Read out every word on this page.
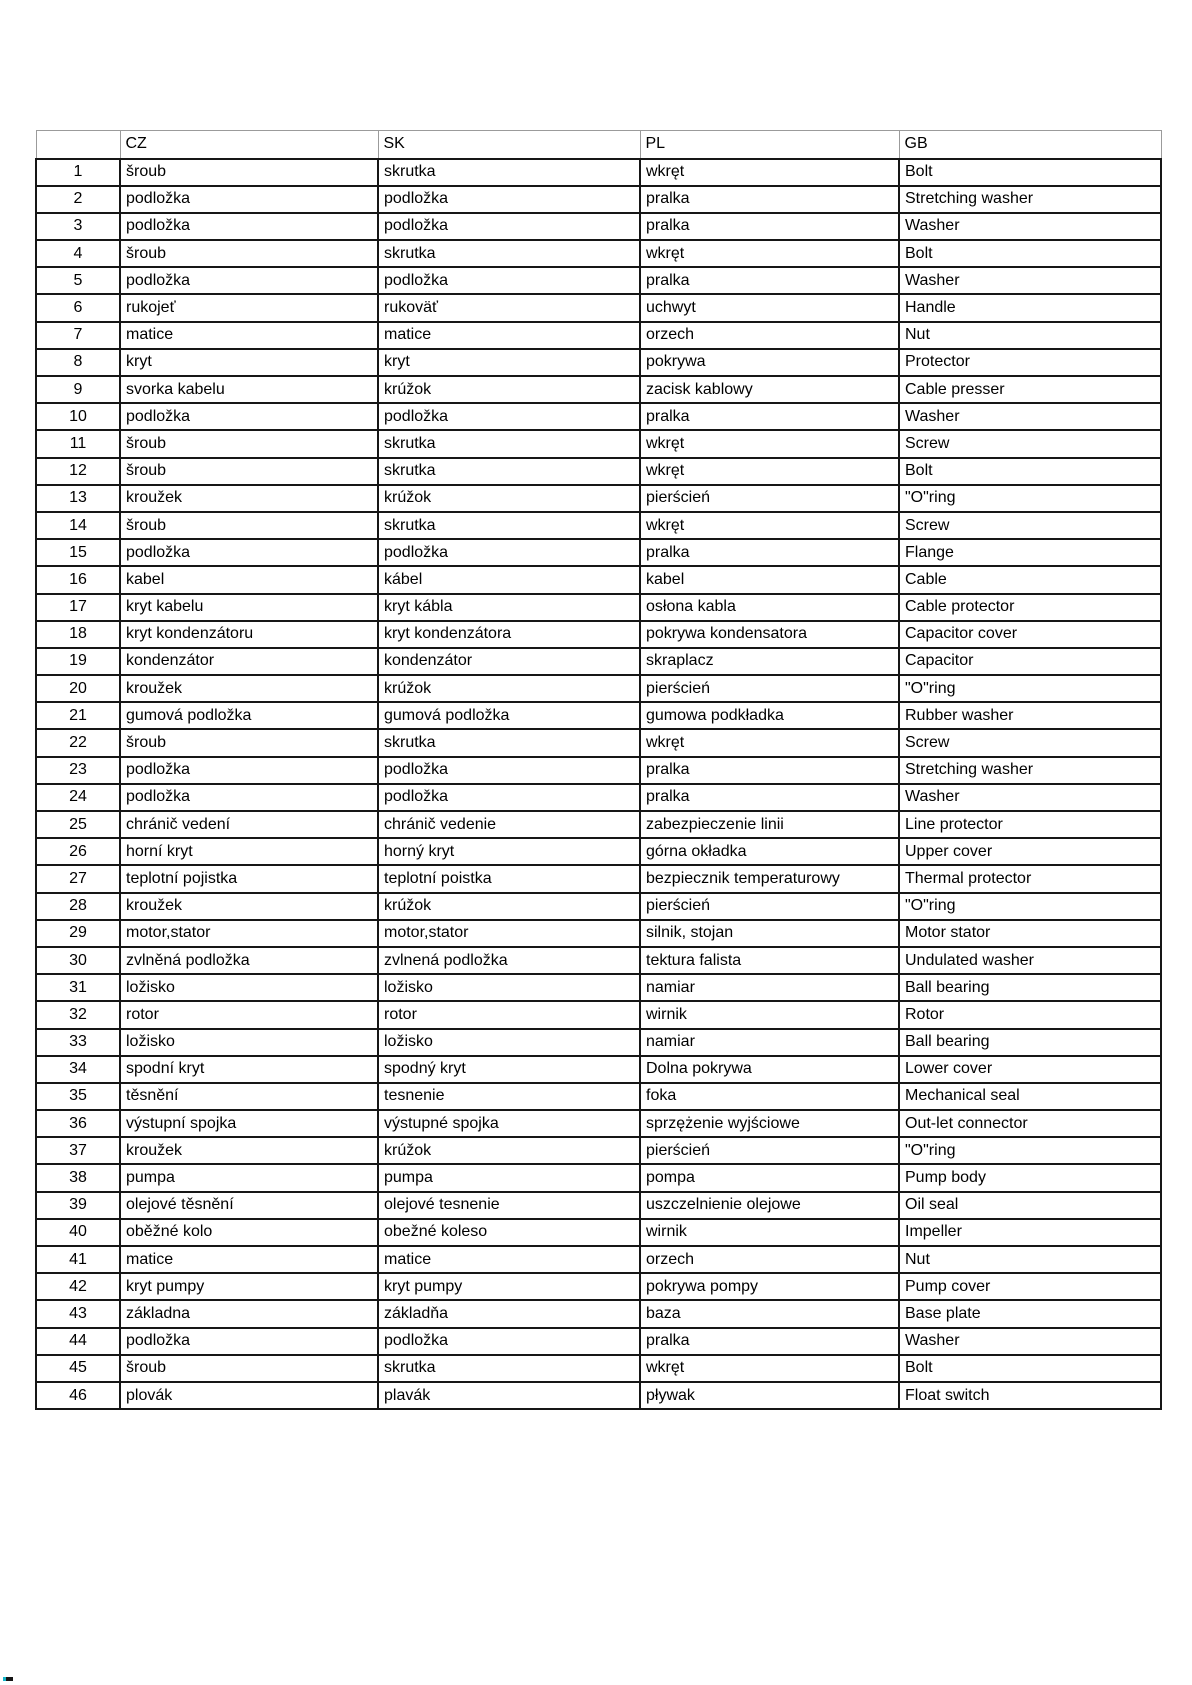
	CZ	SK	PL	GB
1	šroub	skrutka	wkręt	Bolt
2	podložka	podložka	pralka	Stretching washer
3	podložka	podložka	pralka	Washer
4	šroub	skrutka	wkręt	Bolt
5	podložka	podložka	pralka	Washer
6	rukojeť	rukoväť	uchwyt	Handle
7	matice	matice	orzech	Nut
8	kryt	kryt	pokrywa	Protector
9	svorka kabelu	krúžok	zacisk kablowy	Cable presser
10	podložka	podložka	pralka	Washer
11	šroub	skrutka	wkręt	Screw
12	šroub	skrutka	wkręt	Bolt
13	kroužek	krúžok	pierścień	"O"ring
14	šroub	skrutka	wkręt	Screw
15	podložka	podložka	pralka	Flange
16	kabel	kábel	kabel	Cable
17	kryt kabelu	kryt kábla	osłona kabla	Cable protector
18	kryt kondenzátoru	kryt kondenzátora	pokrywa kondensatora	Capacitor cover
19	kondenzátor	kondenzátor	skraplacz	Capacitor
20	kroužek	krúžok	pierścień	"O"ring
21	gumová podložka	gumová podložka	gumowa podkładka	Rubber washer
22	šroub	skrutka	wkręt	Screw
23	podložka	podložka	pralka	Stretching washer
24	podložka	podložka	pralka	Washer
25	chránič vedení	chránič vedenie	zabezpieczenie linii	Line protector
26	horní kryt	horný kryt	górna okładka	Upper cover
27	teplotní pojistka	teplotní poistka	bezpiecznik temperaturowy	Thermal protector
28	kroužek	krúžok	pierścień	"O"ring
29	motor,stator	motor,stator	silnik, stojan	Motor stator
30	zvlněná podložka	zvlnená podložka	tektura falista	Undulated washer
31	ložisko	ložisko	namiar	Ball bearing
32	rotor	rotor	wirnik	Rotor
33	ložisko	ložisko	namiar	Ball bearing
34	spodní kryt	spodný kryt	Dolna pokrywa	Lower cover
35	těsnění	tesnenie	foka	Mechanical seal
36	výstupní spojka	výstupné spojka	sprzężenie wyjściowe	Out-let connector
37	kroužek	krúžok	pierścień	"O"ring
38	pumpa	pumpa	pompa	Pump body
39	olejové těsnění	olejové tesnenie	uszczelnienie olejowe	Oil seal
40	oběžné kolo	obežné koleso	wirnik	Impeller
41	matice	matice	orzech	Nut
42	kryt pumpy	kryt pumpy	pokrywa pompy	Pump cover
43	základna	základňa	baza	Base plate
44	podložka	podložka	pralka	Washer
45	šroub	skrutka	wkręt	Bolt
46	plovák	plavák	pływak	Float switch
